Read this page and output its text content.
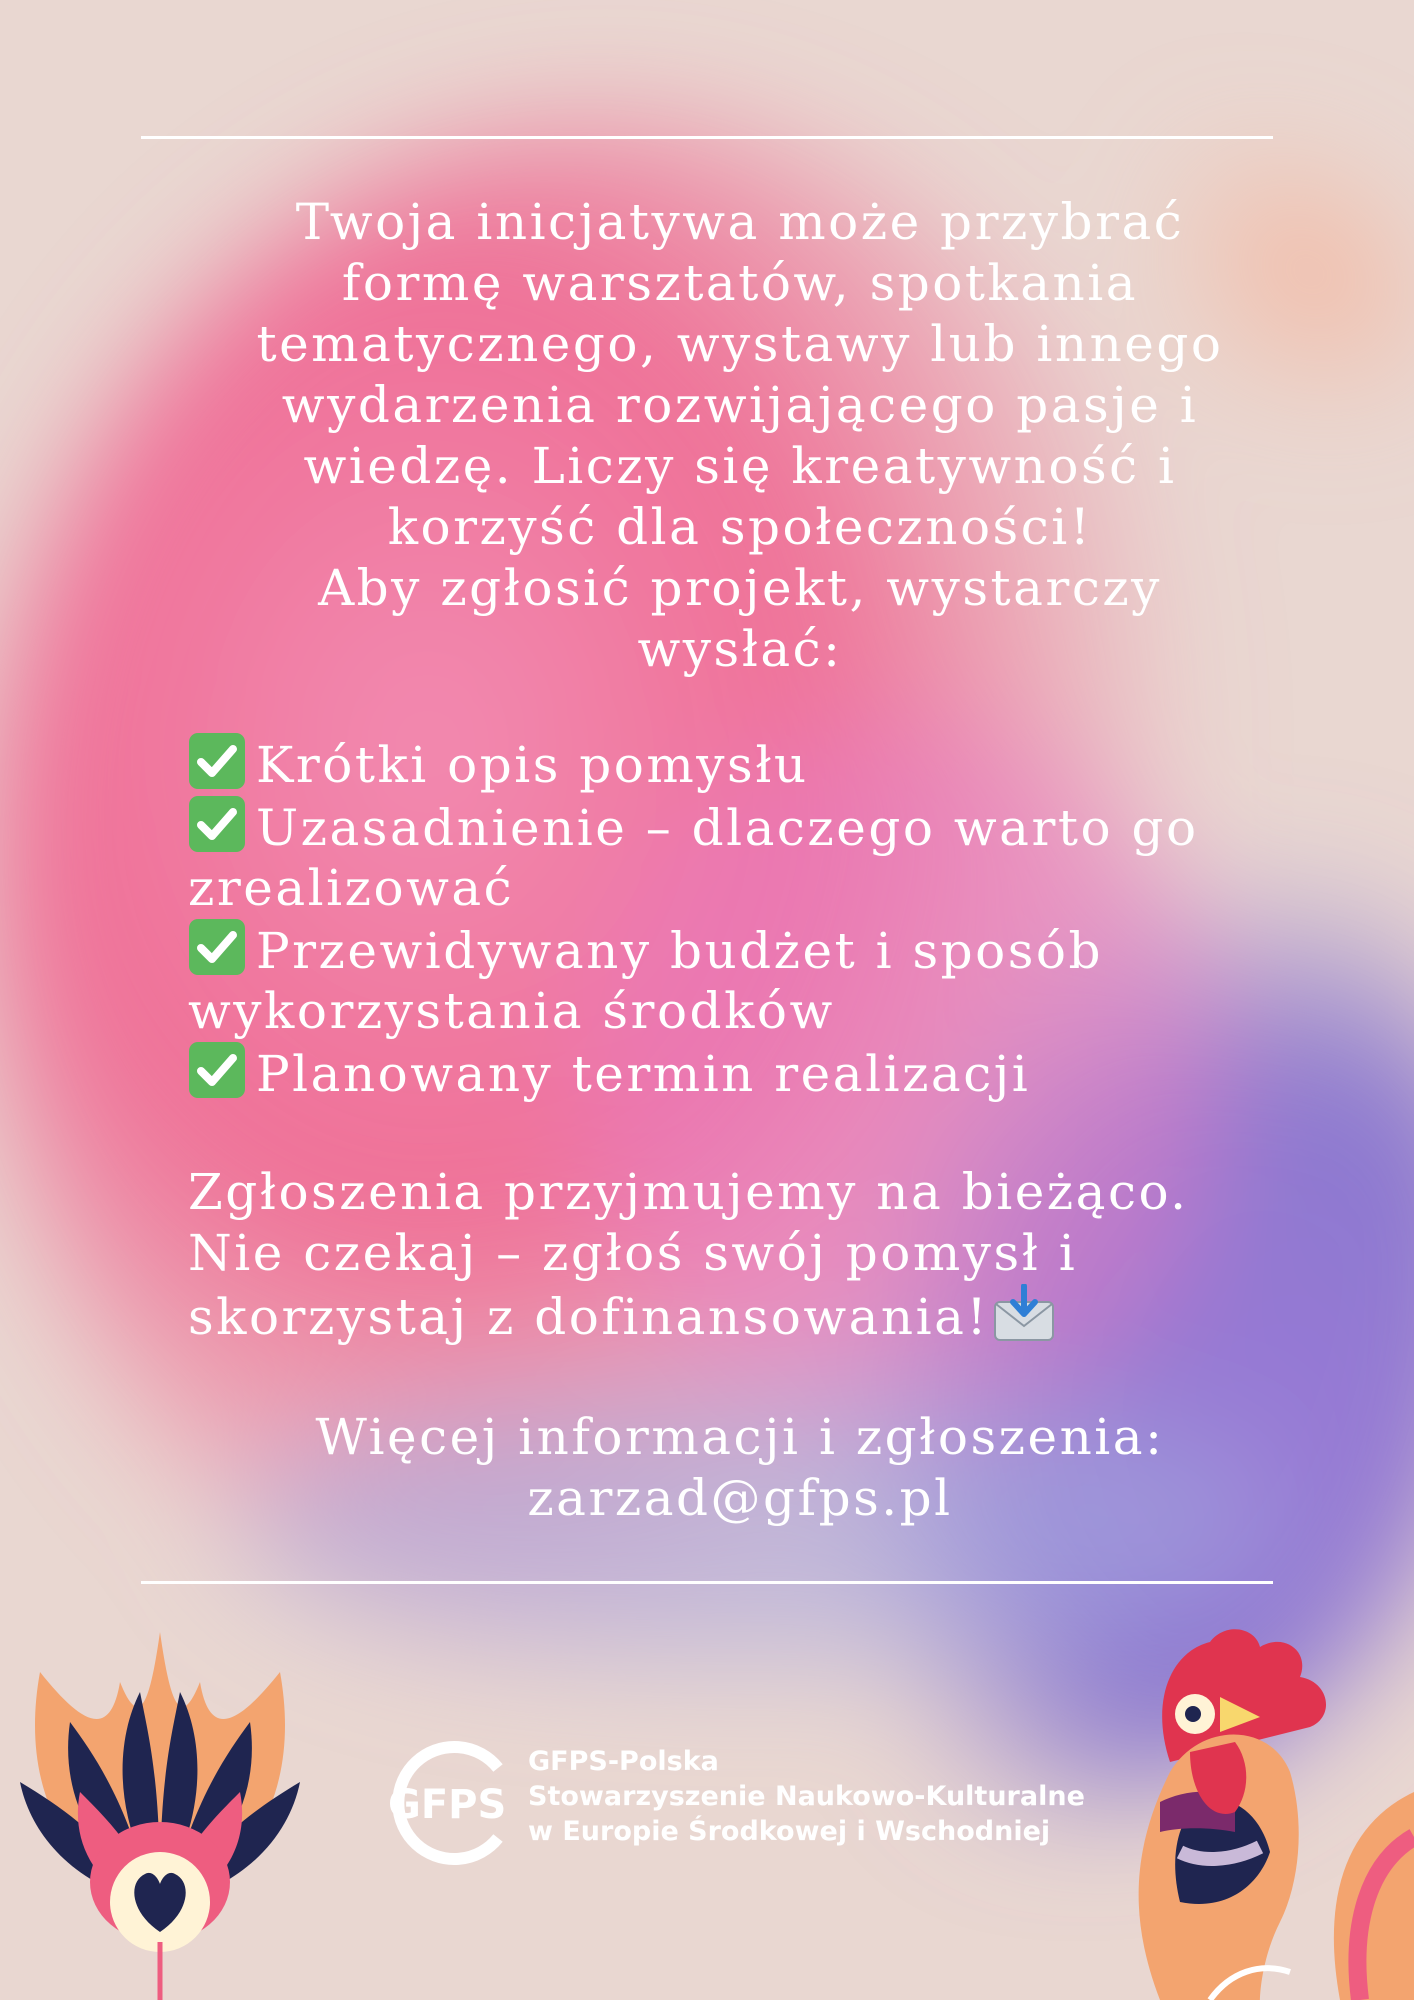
Twoja inicjatywa może przybrać

formę warsztatów, spotkania

tematycznego, wystawy lub innego

wydarzenia rozwijającego pasje i

wiedzę. Liczy się kreatywność i

korzyść dla społeczności!

Aby zgłosić projekt, wystarczy

wysłać:

Krótki opis pomysłu
Uzasadnienie – dlaczego warto go zrealizować
Przewidywany budżet i sposób wykorzystania środków
Planowany termin realizacji
Zgłoszenia przyjmujemy na bieżąco.
Nie czekaj – zgłoś swój pomysł i
skorzystaj z dofinansowania!

Więcej informacji i zgłoszenia:

zarzad@gfps.pl

GFPS
GFPS-Polska
Stowarzyszenie Naukowo-Kulturalne
w Europie Środkowej i Wschodniej
